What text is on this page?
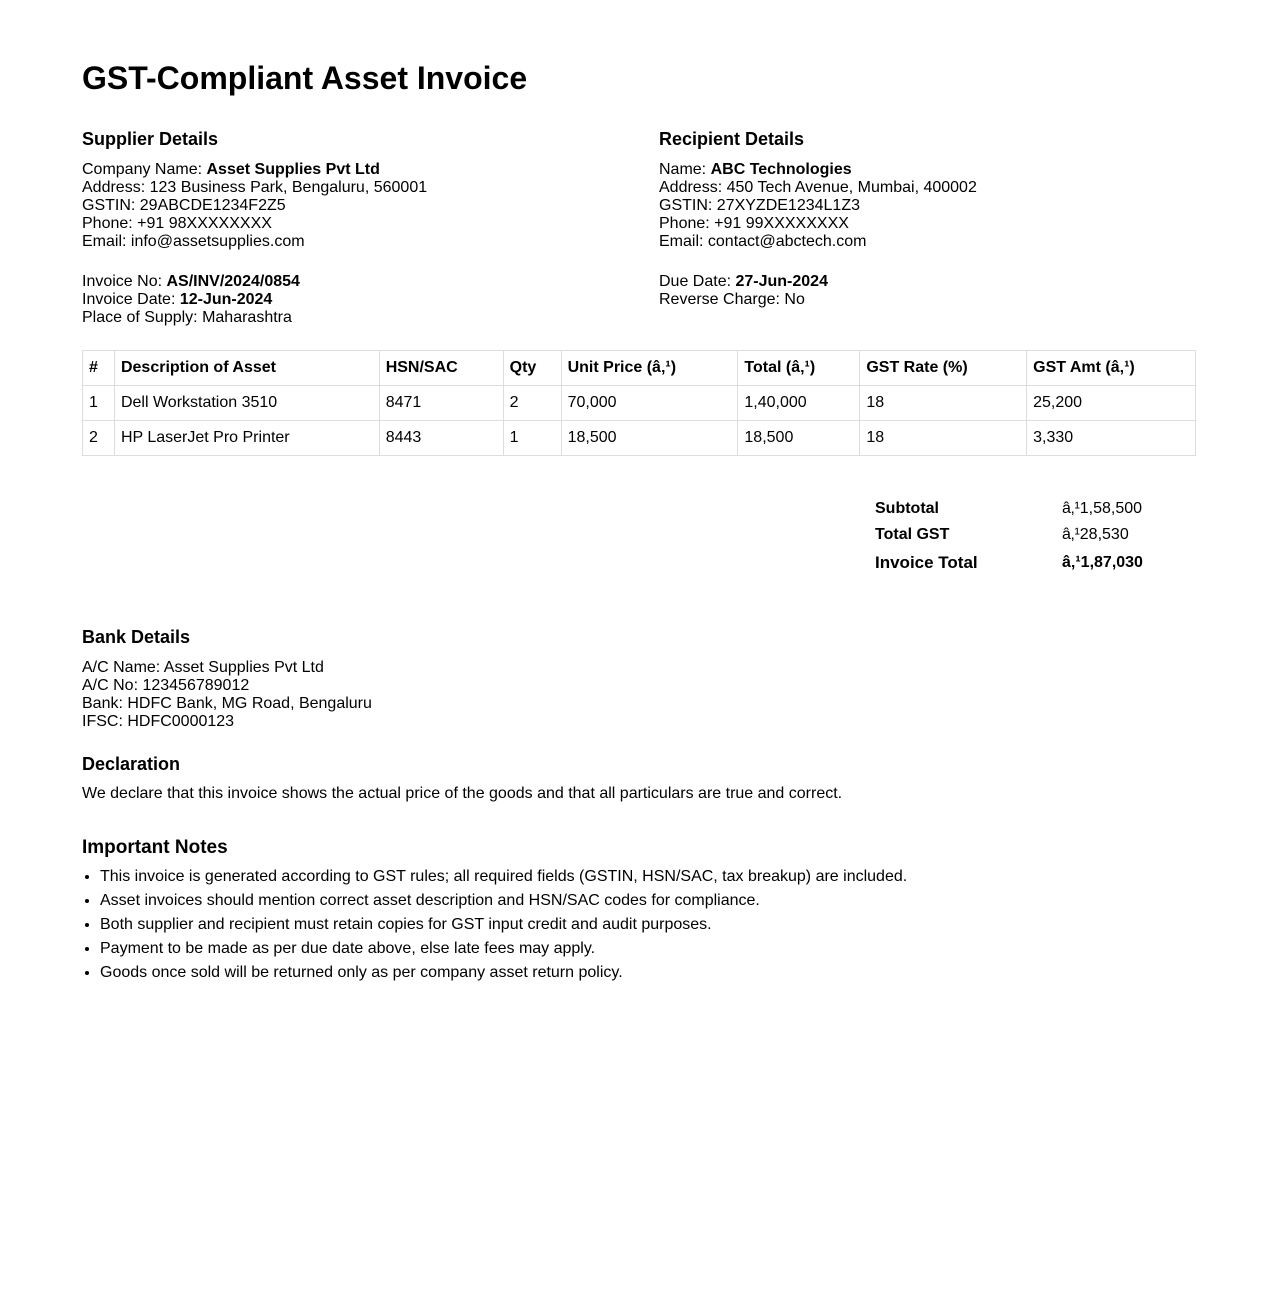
GST-Compliant Asset Invoice
Supplier Details
Company Name: Asset Supplies Pvt Ltd
Address: 123 Business Park, Bengaluru, 560001
GSTIN: 29ABCDE1234F2Z5
Phone: +91 98XXXXXXXX
Email: info@assetsupplies.com
Invoice No: AS/INV/2024/0854
Invoice Date: 12-Jun-2024
Place of Supply: Maharashtra
Recipient Details
Name: ABC Technologies
Address: 450 Tech Avenue, Mumbai, 400002
GSTIN: 27XYZDE1234L1Z3
Phone: +91 99XXXXXXXX
Email: contact@abctech.com
Due Date: 27-Jun-2024
Reverse Charge: No
#	Description of Asset	HSN/SAC	Qty	Unit Price (â‚¹)	Total (â‚¹)	GST Rate (%)	GST Amt (â‚¹)
1	Dell Workstation 3510	8471	2	70,000	1,40,000	18	25,200
2	HP LaserJet Pro Printer	8443	1	18,500	18,500	18	3,330
Subtotal	â‚¹1,58,500
Total GST	â‚¹28,530
Invoice Total	â‚¹1,87,030
Bank Details
A/C Name: Asset Supplies Pvt Ltd
A/C No: 123456789012
Bank: HDFC Bank, MG Road, Bengaluru
IFSC: HDFC0000123
Declaration
We declare that this invoice shows the actual price of the goods and that all particulars are true and correct.
Important Notes
• This invoice is generated according to GST rules; all required fields (GSTIN, HSN/SAC, tax breakup) are included.
• Asset invoices should mention correct asset description and HSN/SAC codes for compliance.
• Both supplier and recipient must retain copies for GST input credit and audit purposes.
• Payment to be made as per due date above, else late fees may apply.
• Goods once sold will be returned only as per company asset return policy.
